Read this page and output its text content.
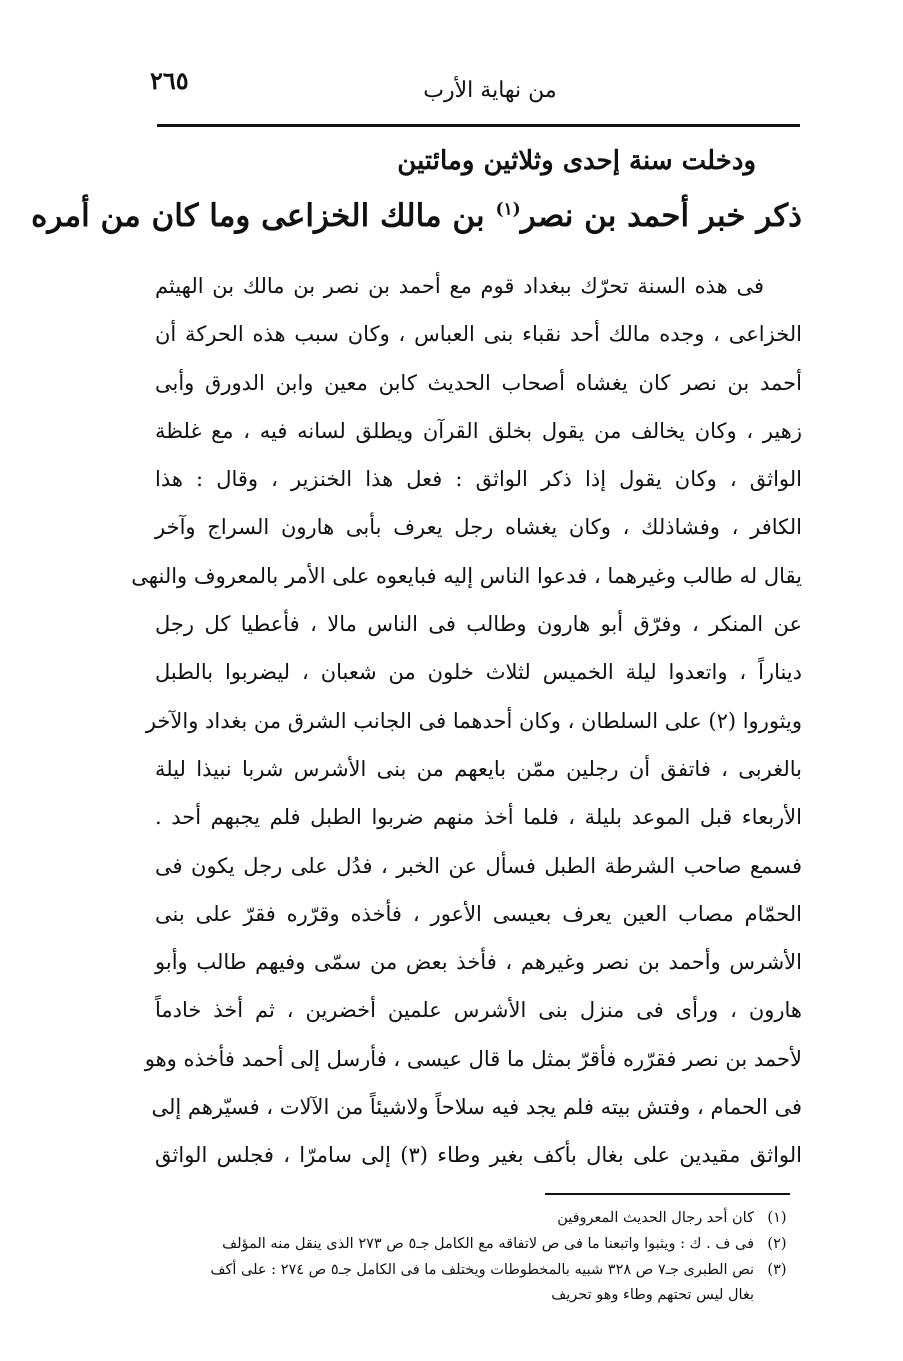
من نهاية الأرب
٢٦٥
ودخلت سنة إحدى وثلاثين ومائتين
ذكر خبر أحمد بن نصر$^{(١)}$ بن مالك الخزاعى وما كان من أمره
فى هذه السنة تحرّك ببغداد قوم مع أحمد بن نصر بن مالك بن الهيثم
الخزاعى ، وجده مالك أحد نقباء بنى العباس ، وكان سبب هذه الحركة أن
أحمد بن نصر كان يغشاه أصحاب الحديث كابن معين وابن الدورق وأبى
زهير ، وكان يخالف من يقول بخلق القرآن ويطلق لسانه فيه ، مع غلظة
الواثق ، وكان يقول إذا ذكر الواثق : فعل هذا الخنزير ، وقال : هذا
الكافر ، وفشاذلك ، وكان يغشاه رجل يعرف بأبى هارون السراج وآخر
يقال له طالب وغيرهما ، فدعوا الناس إليه فبايعوه على الأمر بالمعروف والنهى
عن المنكر ، وفرّق أبو هارون وطالب فى الناس مالا ، فأعطيا كل رجل
ديناراً ، واتعدوا ليلة الخميس لثلاث خلون من شعبان ، ليضربوا بالطبل
ويثوروا (٢) على السلطان ، وكان أحدهما فى الجانب الشرق من بغداد والآخر
بالغربى ، فاتفق أن رجلين ممّن بايعهم من بنى الأشرس شربا نبيذا ليلة
الأربعاء قبل الموعد بليلة ، فلما أخذ منهم ضربوا الطبل فلم يجبهم أحد .
فسمع صاحب الشرطة الطبل فسأل عن الخبر ، فدُل على رجل يكون فى
الحمّام مصاب العين يعرف بعيسى الأعور ، فأخذه وقرّره فقرّ على بنى
الأشرس وأحمد بن نصر وغيرهم ، فأخذ بعض من سمّى وفيهم طالب وأبو
هارون ، ورأى فى منزل بنى الأشرس علمين أخضرين ، ثم أخذ خادماً
لأحمد بن نصر فقرّره فأقرّ بمثل ما قال عيسى ، فأرسل إلى أحمد فأخذه وهو
فى الحمام ، وفتش بيته فلم يجد فيه سلاحاً ولاشيئاً من الآلات ، فسيّرهم إلى
الواثق مقيدين على بغال بأكف بغير وطاء (٣) إلى سامرّا ، فجلس الواثق
(١)
كان أحد رجال الحديث المعروفين
(٢)
فى ف . ك : ويثبوا واتبعنا ما فى ص لاتفاقه مع الكامل جـ٥ ص ٢٧٣ الذى ينقل منه المؤلف
(٣)
نص الطبرى جـ٧ ص ٣٢٨ شبيه بالمخطوطات ويختلف ما فى الكامل جـ٥ ص ٢٧٤ : على أكف
بغال ليس تحتهم وطاء وهو تحريف
